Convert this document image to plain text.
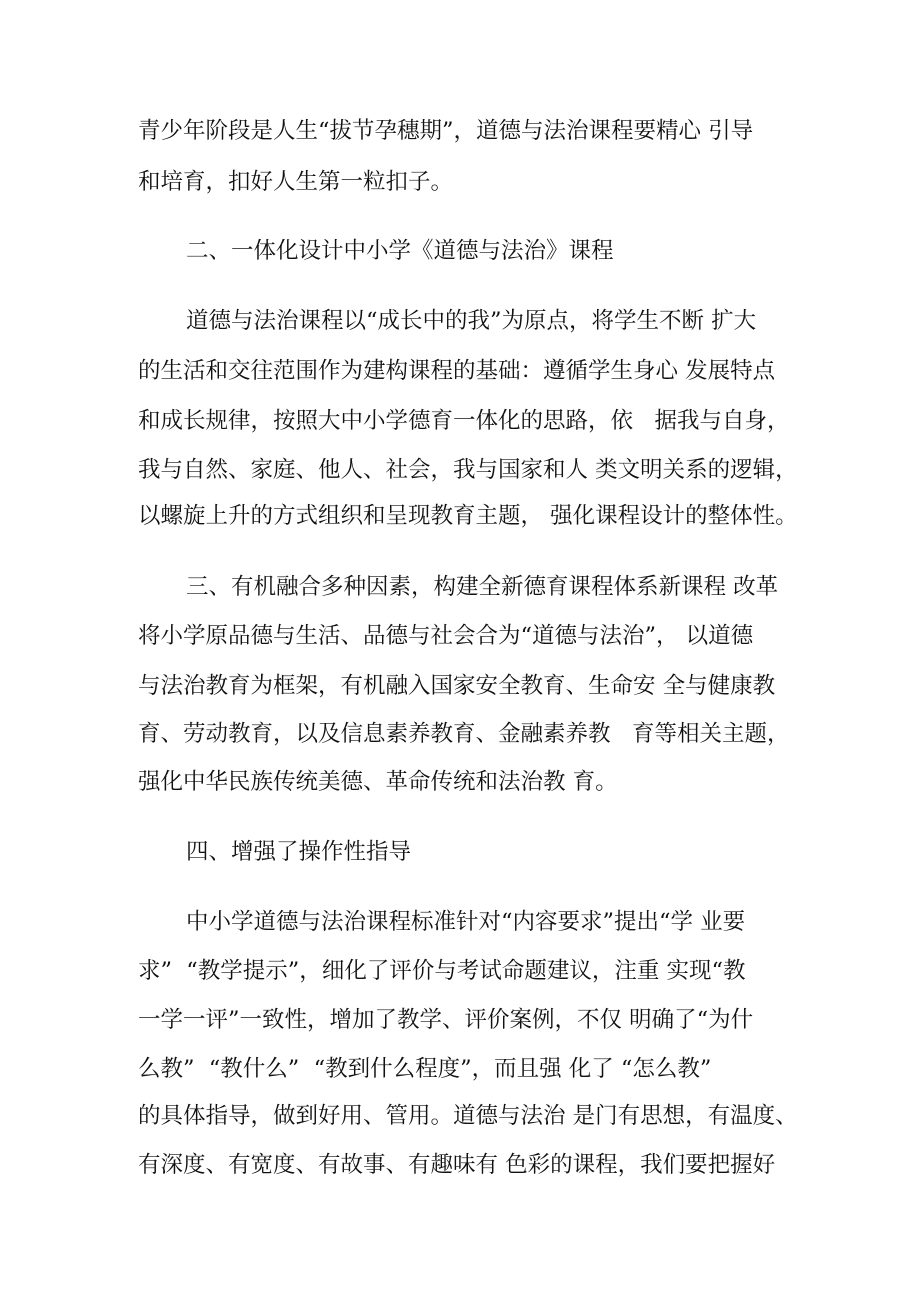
青少年阶段是人生“拔节孕穗期”，道德与法治课程要精心 引导
和培育，扣好人生第一粒扣子。
二、一体化设计中小学《道德与法治》课程
道德与法治课程以“成长中的我”为原点，将学生不断 扩大
的生活和交往范围作为建构课程的基础：遵循学生身心 发展特点
和成长规律，按照大中小学德育一体化的思路，依   据我与自身，
我与自然、家庭、他人、社会，我与国家和人 类文明关系的逻辑，
以螺旋上升的方式组织和呈现教育主题， 强化课程设计的整体性。
三、有机融合多种因素，构建全新德育课程体系新课程 改革
将小学原品德与生活、品德与社会合为“道德与法治”， 以道德
与法治教育为框架，有机融入国家安全教育、生命安 全与健康教
育、劳动教育，以及信息素养教育、金融素养教   育等相关主题，
强化中华民族传统美德、革命传统和法治教 育。
四、增强了操作性指导
中小学道德与法治课程标准针对“内容要求”提出“学 业要
求”  “教学提示”，细化了评价与考试命题建议，注重 实现“教
一学一评”一致性，增加了教学、评价案例，不仅 明确了“为什
么教”  “教什么”  “教到什么程度”，而且强 化了 “怎么教”
的具体指导，做到好用、管用。道德与法治 是门有思想，有温度、
有深度、有宽度、有故事、有趣味有 色彩的课程，我们要把握好
